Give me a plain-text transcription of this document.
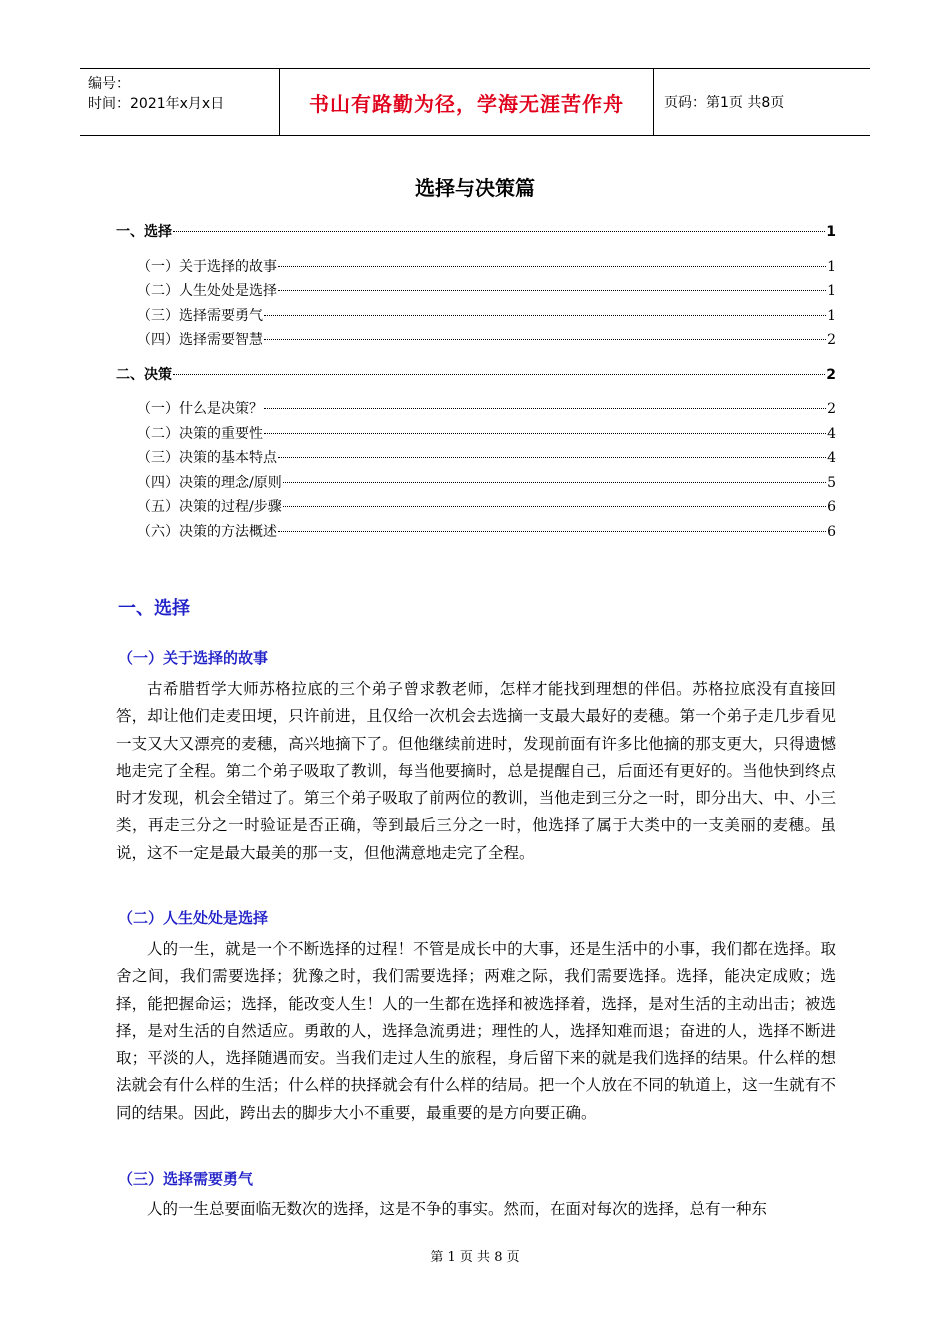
编号：
时间：2021年x月x日	书山有路勤为径，学海无涯苦作舟	页码：第1页 共8页
选择与决策篇
一、选择	1
（一）关于选择的故事	1
（二）人生处处是选择	1
（三）选择需要勇气	1
（四）选择需要智慧	2
二、决策	2
（一）什么是决策？	2
（二）决策的重要性	4
（三）决策的基本特点	4
（四）决策的理念/原则	5
（五）决策的过程/步骤	6
（六）决策的方法概述	6
一、选择
（一）关于选择的故事
古希腊哲学大师苏格拉底的三个弟子曾求教老师，怎样才能找到理想的伴侣。苏格拉底没有直接回答，却让他们走麦田埂，只许前进，且仅给一次机会去选摘一支最大最好的麦穗。第一个弟子走几步看见一支又大又漂亮的麦穗，高兴地摘下了。但他继续前进时，发现前面有许多比他摘的那支更大，只得遗憾地走完了全程。第二个弟子吸取了教训，每当他要摘时，总是提醒自己，后面还有更好的。当他快到终点时才发现，机会全错过了。第三个弟子吸取了前两位的教训，当他走到三分之一时，即分出大、中、小三类，再走三分之一时验证是否正确，等到最后三分之一时，他选择了属于大类中的一支美丽的麦穗。虽说，这不一定是最大最美的那一支，但他满意地走完了全程。
（二）人生处处是选择
人的一生，就是一个不断选择的过程！不管是成长中的大事，还是生活中的小事，我们都在选择。取舍之间，我们需要选择；犹豫之时，我们需要选择；两难之际，我们需要选择。选择，能决定成败；选择，能把握命运；选择，能改变人生！人的一生都在选择和被选择着，选择，是对生活的主动出击；被选择，是对生活的自然适应。勇敢的人，选择急流勇进；理性的人，选择知难而退；奋进的人，选择不断进取；平淡的人，选择随遇而安。当我们走过人生的旅程，身后留下来的就是我们选择的结果。什么样的想法就会有什么样的生活；什么样的抉择就会有什么样的结局。把一个人放在不同的轨道上，这一生就有不同的结果。因此，跨出去的脚步大小不重要，最重要的是方向要正确。
（三）选择需要勇气
人的一生总要面临无数次的选择，这是不争的事实。然而，在面对每次的选择，总有一种东
第 1 页 共 8 页
